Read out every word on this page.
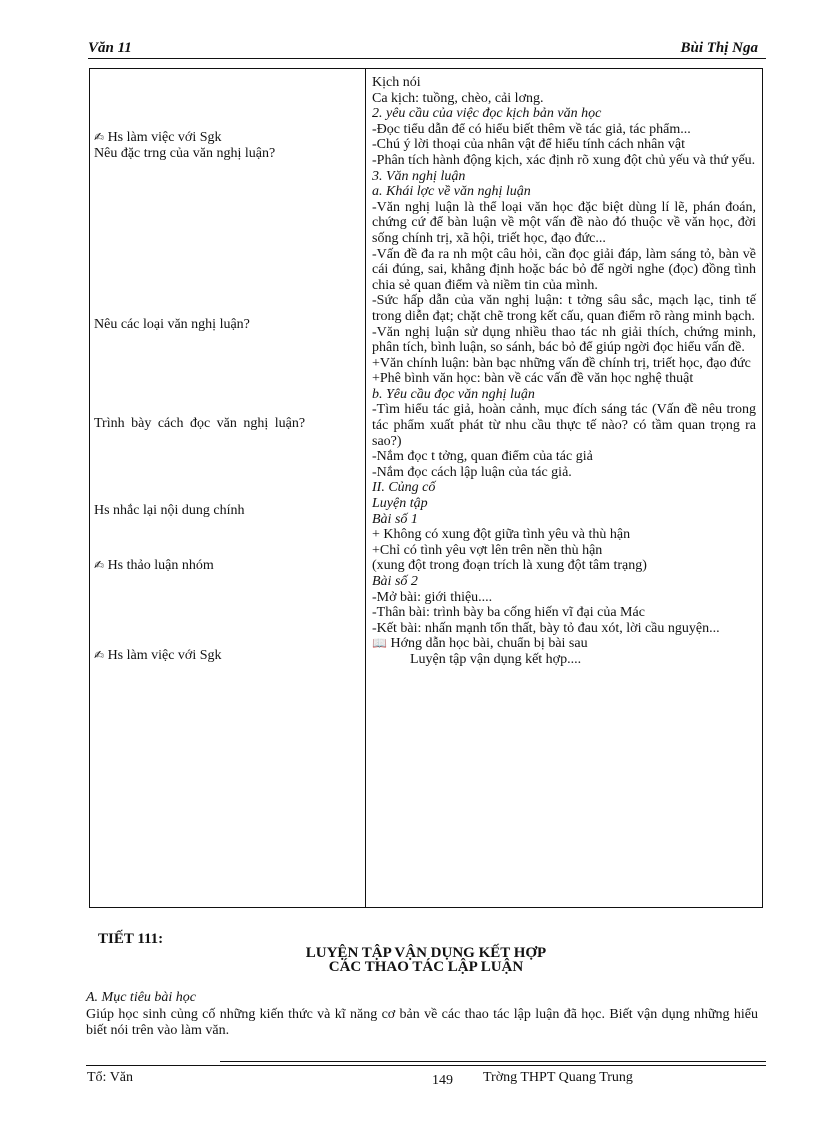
Văn 11	Bùi Thị Nga
✍ Hs làm việc với Sgk
Nêu đặc trng của văn nghị luận?
Nêu các loại văn nghị luận?
Trình bày cách đọc văn nghị luận?
Hs nhắc lại nội dung chính
✍ Hs thảo luận nhóm
✍ Hs làm việc với Sgk

Kịch nói

Ca kịch: tuồng, chèo, cải lơng.

2. yêu cầu của việc đọc kịch bản văn học

-Đọc tiểu dẫn để có hiểu biết thêm về tác giả, tác phẩm...

-Chú ý lời thoại của nhân vật để hiểu tính cách nhân vật

-Phân tích hành động kịch, xác định rõ xung đột chủ yếu và thứ yếu.

3. Văn nghị luận

a. Khái lợc về văn nghị luận

-Văn nghị luận là thể loại văn học đặc biệt dùng lí lẽ, phán đoán, chứng cứ để bàn luận về một vấn đề nào đó thuộc về văn học, đời sống chính trị, xã hội, triết học, đạo đức...

-Vấn đề đa ra nh một câu hỏi, cần đọc giải đáp, làm sáng tỏ, bàn về cái đúng, sai, khẳng định hoặc bác bỏ để ngời nghe (đọc) đồng tình chia sẻ quan điểm và niềm tin của mình.

-Sức hấp dẫn của văn nghị luận: t tởng sâu sắc, mạch lạc, tinh tế trong diễn đạt; chặt chẽ trong kết cấu, quan điểm rõ ràng minh bạch.

-Văn nghị luận sử dụng nhiều thao tác nh giải thích, chứng minh, phân tích, bình luận, so sánh, bác bỏ để giúp ngời đọc hiểu vấn đề.

+Văn chính luận: bàn bạc những vấn đề chính trị, triết học, đạo đức

+Phê bình văn học: bàn về các vấn đề văn học nghệ thuật

b. Yêu cầu đọc văn nghị luận

-Tìm hiểu tác giả, hoàn cảnh, mục đích sáng tác (Vấn đề nêu trong tác phẩm xuất phát từ nhu cầu thực tế nào? có tầm quan trọng ra sao?)

-Nắm đọc t tởng, quan điểm của tác giả

-Nắm đọc cách lập luận của tác giả.

II. Củng cố

Luyện tập

Bài số 1

+ Không có xung đột giữa tình yêu và thù hận

+Chỉ có tình yêu vợt lên trên nền thù hận

(xung đột trong đoạn trích là xung đột tâm trạng)

Bài số 2

-Mở bài: giới thiệu....

-Thân bài: trình bày ba cống hiến vĩ đại của Mác

-Kết bài: nhấn mạnh tổn thất, bày tỏ đau xót, lời cầu nguyện...

📖 Hớng dẫn học bài, chuẩn bị bài sau

Luyện tập vận dụng kết hợp....

TIẾT 111:
LUYỆN TẬP VẬN DỤNG KẾT HỢP
CÁC THAO TÁC LẬP LUẬN
A. Mục tiêu bài học
Giúp học sinh củng cố những kiến thức và kĩ năng cơ bản về các thao tác lập luận đã học. Biết vận dụng những hiểu biết nói trên vào làm văn.
Tổ: Văn	149 Trờng THPT Quang Trung
